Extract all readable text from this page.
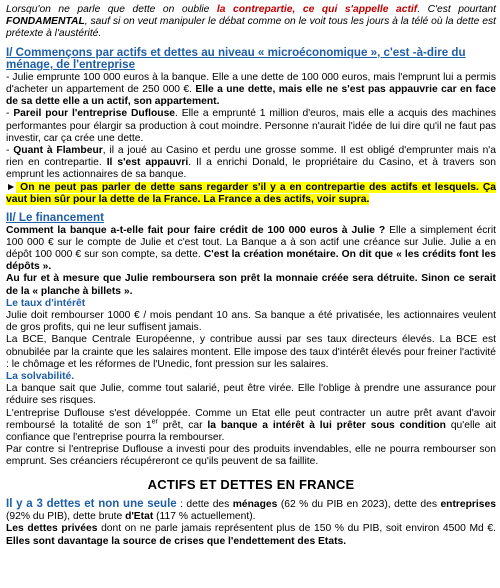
Lorsqu'on ne parle que dette on oublie la contrepartie, ce qui s'appelle actif. C'est pourtant FONDAMENTAL, sauf si on veut manipuler le débat comme on le voit tous les jours à la télé où la dette est prétexte à l'austérité.

I/ Commençons par actifs et dettes au niveau « microéconomique », c'est -à-dire du ménage, de l'entreprise

- Julie emprunte 100 000 euros à la banque. Elle a une dette de 100 000 euros, mais l'emprunt lui a permis d'acheter un appartement de 250 000 €. Elle a une dette, mais elle ne s'est pas appauvrie car en face de sa dette elle a un actif, son appartement.

- Pareil pour l'entreprise Duflouse. Elle a emprunté 1 million d'euros, mais elle a acquis des machines performantes pour élargir sa production à cout moindre. Personne n'aurait l'idée de lui dire qu'il ne faut pas investir, car ça crée une dette.

- Quant à Flambeur, il a joué au Casino et perdu une grosse somme. Il est obligé d'emprunter mais n'a rien en contrepartie. Il s'est appauvri. Il a enrichi Donald, le propriétaire du Casino, et à travers son emprunt les actionnaires de sa banque.

► On ne peut pas parler de dette sans regarder s'il y a en contrepartie des actifs et lesquels. Ça vaut bien sûr pour la dette de la France. La France a des actifs, voir supra.

II/ Le financement

Comment la banque a-t-elle fait pour faire crédit de 100 000 euros à Julie ? Elle a simplement écrit 100 000 € sur le compte de Julie et c'est tout. La Banque a à son actif une créance sur Julie. Julie a en dépôt 100 000 € sur son compte, sa dette. C'est la création monétaire. On dit que « les crédits font les dépôts ».

Au fur et à mesure que Julie remboursera son prêt la monnaie créée sera détruite. Sinon ce serait de la « planche à billets ».

Le taux d'intérêt

Julie doit rembourser 1000 € / mois pendant 10 ans. Sa banque a été privatisée, les actionnaires veulent de gros profits, qui ne leur suffisent jamais.

La BCE, Banque Centrale Européenne, y contribue aussi par ses taux directeurs élevés. La BCE est obnubilée par la crainte que les salaires montent. Elle impose des taux d'intérêt élevés pour freiner l'activité : le chômage et les réformes de l'Unedic, font pression sur les salaires.

La solvabilité.

La banque sait que Julie, comme tout salarié, peut être virée. Elle l'oblige à prendre une assurance pour réduire ses risques.

L'entreprise Duflouse s'est développée. Comme un Etat elle peut contracter un autre prêt avant d'avoir remboursé la totalité de son 1er prêt, car la banque a intérêt à lui prêter sous condition qu'elle ait confiance que l'entreprise pourra la rembourser.

Par contre si l'entreprise Duflouse a investi pour des produits invendables, elle ne pourra rembourser son emprunt. Ses créanciers récupéreront ce qu'ils peuvent de sa faillite.

ACTIFS ET DETTES EN FRANCE

Il y a 3 dettes et non une seule : dette des ménages (62 % du PIB en 2023), dette des entreprises (92% du PIB), dette brute d'Etat (117 % actuellement).

Les dettes privées dont on ne parle jamais représentent plus de 150 % du PIB, soit environ 4500 Md €. Elles sont davantage la source de crises que l'endettement des Etats.
